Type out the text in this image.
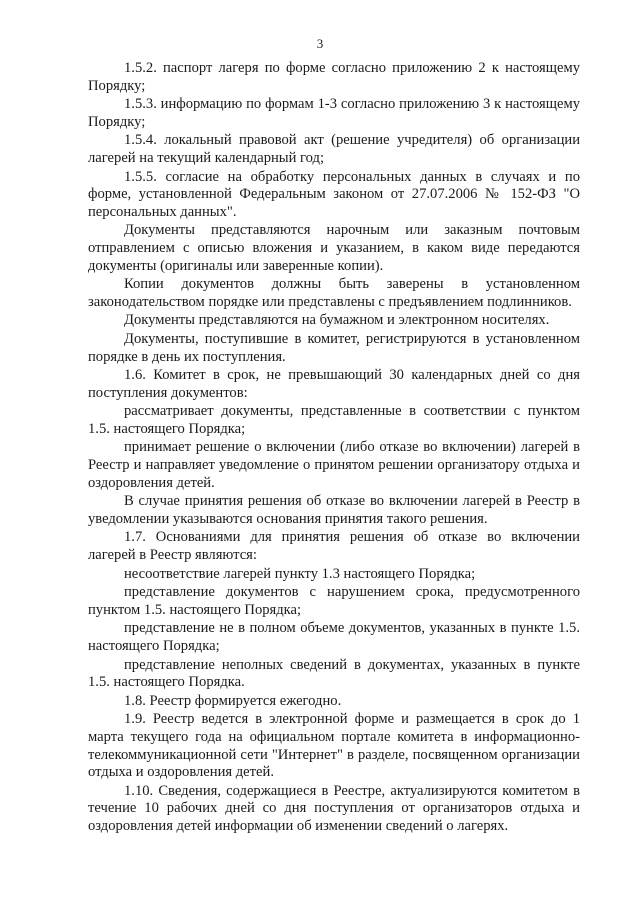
3

1.5.2. паспорт лагеря по форме согласно приложению 2 к настоящему Порядку;

1.5.3. информацию по формам 1-3 согласно приложению 3 к настоящему Порядку;

1.5.4. локальный правовой акт (решение учредителя) об организации лагерей на текущий календарный год;

1.5.5. согласие на обработку персональных данных в случаях и по форме, установленной Федеральным законом от 27.07.2006 № 152-ФЗ "О персональных данных".

Документы представляются нарочным или заказным почтовым отправлением с описью вложения и указанием, в каком виде передаются документы (оригиналы или заверенные копии).

Копии документов должны быть заверены в установленном законодательством порядке или представлены с предъявлением подлинников.

Документы представляются на бумажном и электронном носителях.

Документы, поступившие в комитет, регистрируются в установленном порядке в день их поступления.

1.6. Комитет в срок, не превышающий 30 календарных дней со дня поступления документов:

рассматривает документы, представленные в соответствии с пунктом 1.5. настоящего Порядка;

принимает решение о включении (либо отказе во включении) лагерей в Реестр и направляет уведомление о принятом решении организатору отдыха и оздоровления детей.

В случае принятия решения об отказе во включении лагерей в Реестр в уведомлении указываются основания принятия такого решения.

1.7. Основаниями для принятия решения об отказе во включении лагерей в Реестр являются:

несоответствие лагерей пункту 1.3 настоящего Порядка;

представление документов с нарушением срока, предусмотренного пунктом 1.5. настоящего Порядка;

представление не в полном объеме документов, указанных в пункте 1.5. настоящего Порядка;

представление неполных сведений в документах, указанных в пункте 1.5. настоящего Порядка.

1.8. Реестр формируется ежегодно.

1.9. Реестр ведется в электронной форме и размещается в срок до 1 марта текущего года на официальном портале комитета в информационно-телекоммуникационной сети "Интернет" в разделе, посвященном организации отдыха и оздоровления детей.

1.10. Сведения, содержащиеся в Реестре, актуализируются комитетом в течение 10 рабочих дней со дня поступления от организаторов отдыха и оздоровления детей информации об изменении сведений о лагерях.
